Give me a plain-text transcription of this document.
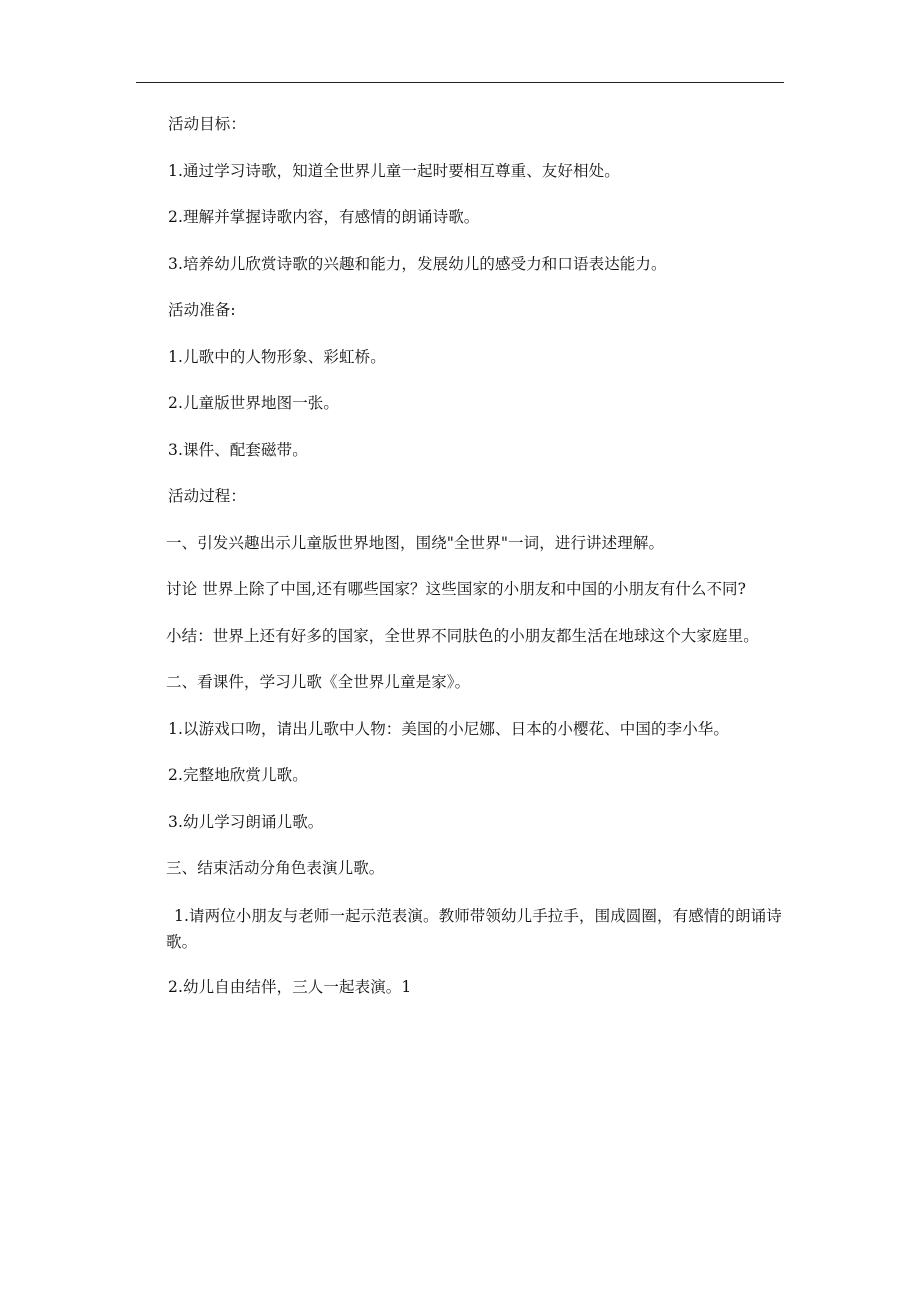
活动目标：

1.通过学习诗歌，知道全世界儿童一起时要相互尊重、友好相处。

2.理解并掌握诗歌内容，有感情的朗诵诗歌。

3.培养幼儿欣赏诗歌的兴趣和能力，发展幼儿的感受力和口语表达能力。

活动准备:

1.儿歌中的人物形象、彩虹桥。

2.儿童版世界地图一张。

3.课件、配套磁带。

活动过程：

一、引发兴趣出示儿童版世界地图，围绕"全世界"一词，进行讲述理解。

讨论 世界上除了中国,还有哪些国家？这些国家的小朋友和中国的小朋友有什么不同?

小结：世界上还有好多的国家，全世界不同肤色的小朋友都生活在地球这个大家庭里。

二、看课件，学习儿歌《全世界儿童是家》。

1.以游戏口吻，请出儿歌中人物：美国的小尼娜、日本的小樱花、中国的李小华。

2.完整地欣赏儿歌。

3.幼儿学习朗诵儿歌。

三、结束活动分角色表演儿歌。

1.请两位小朋友与老师一起示范表演。教师带领幼儿手拉手，围成圆圈，有感情的朗诵诗歌。

2.幼儿自由结伴，三人一起表演。1
